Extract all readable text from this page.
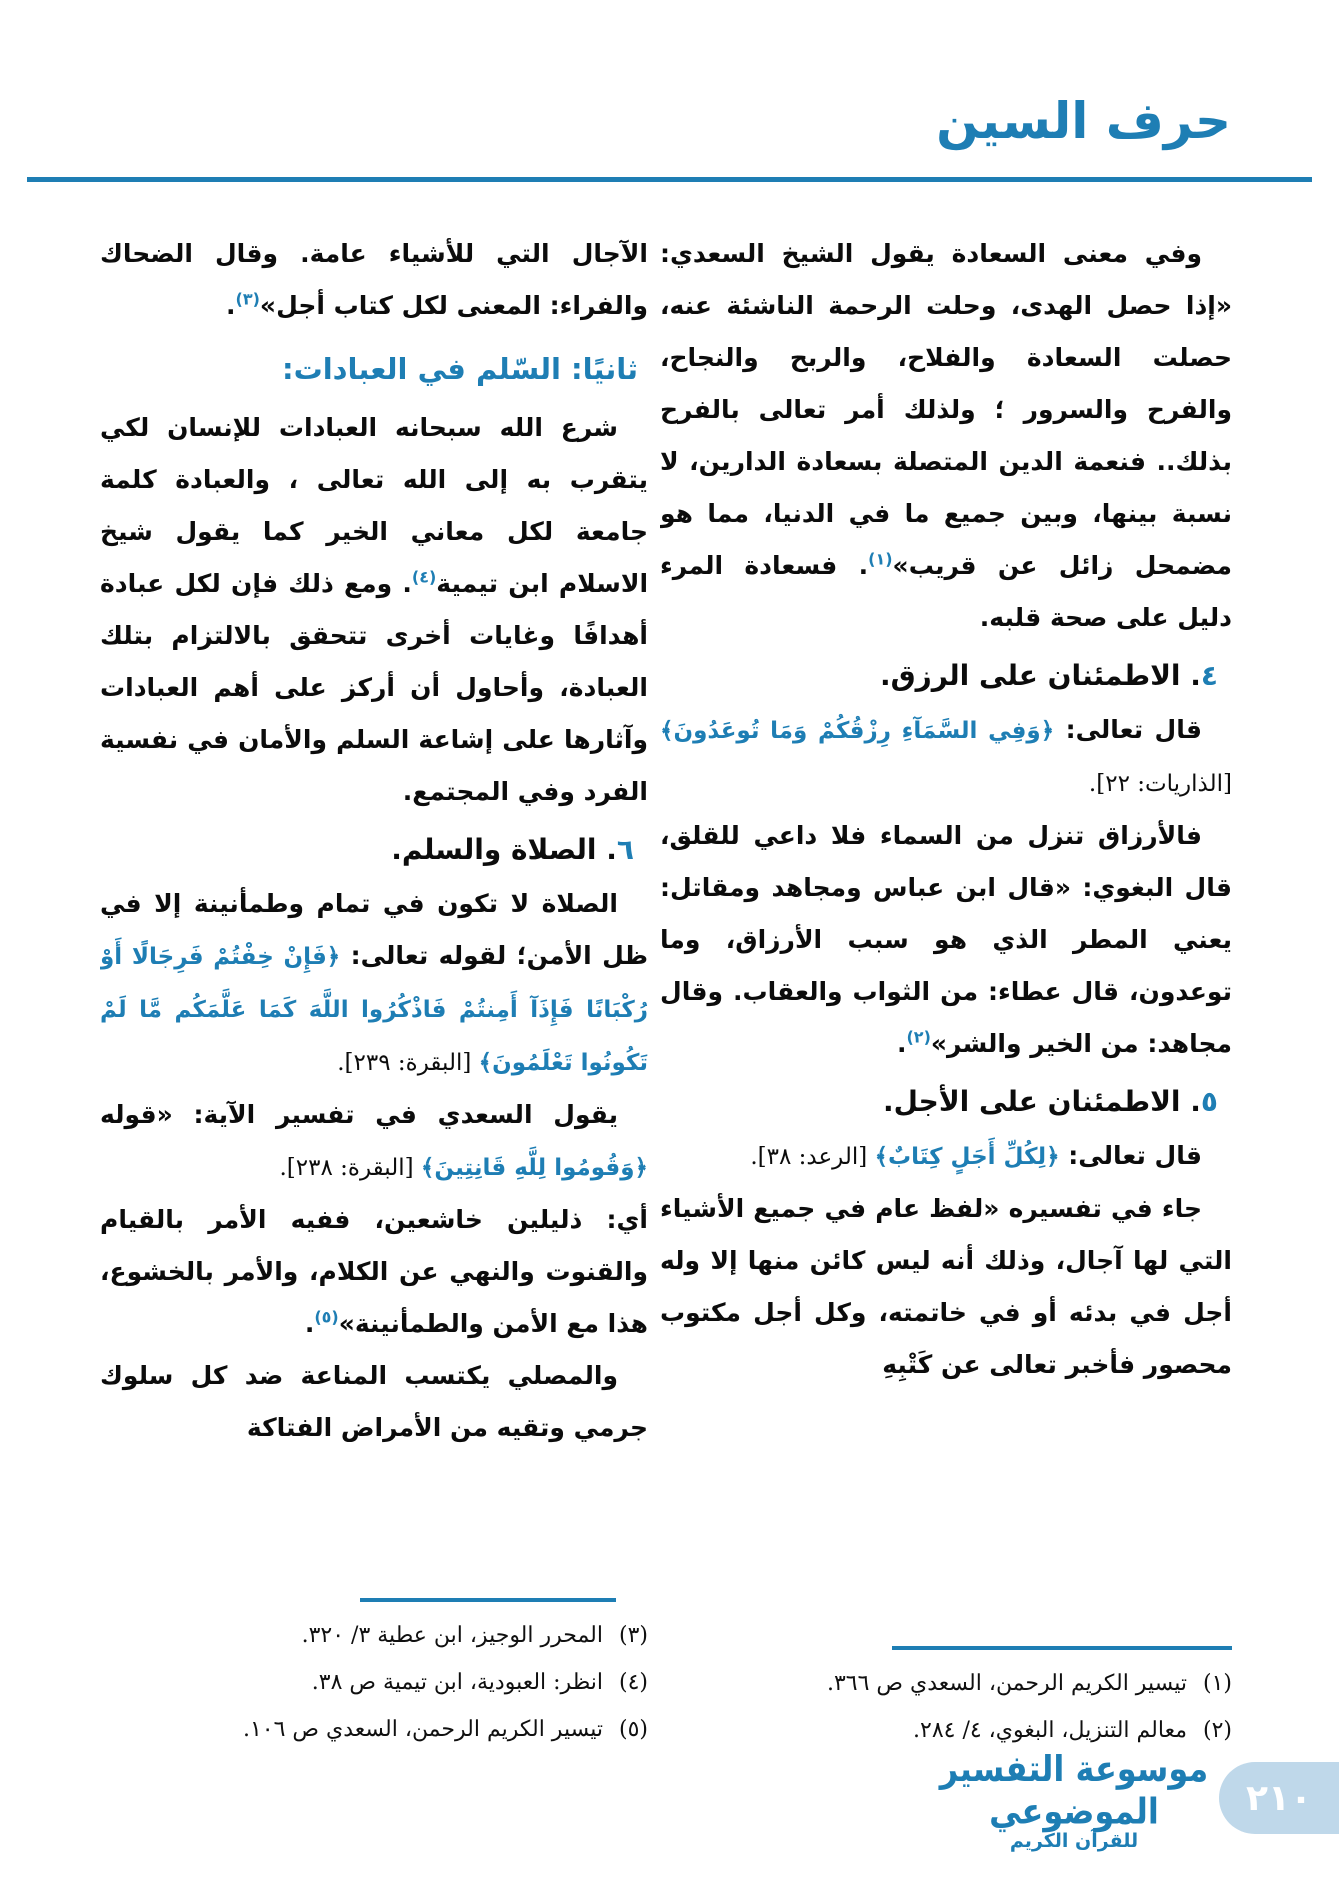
حرف السين

وفي معنى السعادة يقول الشيخ السعدي: «إذا حصل الهدى، وحلت الرحمة الناشئة عنه، حصلت السعادة والفلاح، والربح والنجاح، والفرح والسرور ؛ ولذلك أمر تعالى بالفرح بذلك.. فنعمة الدين المتصلة بسعادة الدارين، لا نسبة بينها، وبين جميع ما في الدنيا، مما هو مضمحل زائل عن قريب»$^{(١)}$. فسعادة المرء دليل على صحة قلبه.

٤. الاطمئنان على الرزق.

قال تعالى: ﴿وَفِي السَّمَآءِ رِزْقُكُمْ وَمَا تُوعَدُونَ﴾ [الذاريات: ٢٢].

فالأرزاق تنزل من السماء فلا داعي للقلق، قال البغوي: «قال ابن عباس ومجاهد ومقاتل: يعني المطر الذي هو سبب الأرزاق، وما توعدون، قال عطاء: من الثواب والعقاب. وقال مجاهد: من الخير والشر»$^{(٢)}$.

٥. الاطمئنان على الأجل.

قال تعالى: ﴿لِكُلِّ أَجَلٍ كِتَابٌ﴾ [الرعد: ٣٨].

جاء في تفسيره «لفظ عام في جميع الأشياء التي لها آجال، وذلك أنه ليس كائن منها إلا وله أجل في بدئه أو في خاتمته، وكل أجل مكتوب محصور فأخبر تعالى عن كَتْبِهِ

الآجال التي للأشياء عامة. وقال الضحاك والفراء: المعنى لكل كتاب أجل»$^{(٣)}$.

ثانيًا: السّلم في العبادات:

شرع الله سبحانه العبادات للإنسان لكي يتقرب به إلى الله تعالى ، والعبادة كلمة جامعة لكل معاني الخير كما يقول شيخ الاسلام ابن تيمية$^{(٤)}$. ومع ذلك فإن لكل عبادة أهدافًا وغايات أخرى تتحقق بالالتزام بتلك العبادة، وأحاول أن أركز على أهم العبادات وآثارها على إشاعة السلم والأمان في نفسية الفرد وفي المجتمع.

٦. الصلاة والسلم.

الصلاة لا تكون في تمام وطمأنينة إلا في ظل الأمن؛ لقوله تعالى: ﴿فَإِنْ خِفْتُمْ فَرِجَالًا أَوْ رُكْبَانًا فَإِذَآ أَمِنتُمْ فَاذْكُرُوا اللَّهَ كَمَا عَلَّمَكُم مَّا لَمْ تَكُونُوا تَعْلَمُونَ﴾ [البقرة: ٢٣٩].

يقول السعدي في تفسير الآية: «قوله ﴿وَقُومُوا لِلَّهِ قَانِتِينَ﴾ [البقرة: ٢٣٨].

أي: ذليلين خاشعين، ففيه الأمر بالقيام والقنوت والنهي عن الكلام، والأمر بالخشوع، هذا مع الأمن والطمأنينة»$^{(٥)}$.

والمصلي يكتسب المناعة ضد كل سلوك جرمي وتقيه من الأمراض الفتاكة

(١)
تيسير الكريم الرحمن، السعدي ص ٣٦٦.
(٢)
معالم التنزيل، البغوي، ٤/ ٢٨٤.
(٣)
المحرر الوجيز، ابن عطية ٣/ ٣٢٠.
(٤)
انظر: العبودية، ابن تيمية ص ٣٨.
(٥)
تيسير الكريم الرحمن، السعدي ص ١٠٦.
موسوعة التفسير الموضوعي
للقرآن الكريم
٢١٠
